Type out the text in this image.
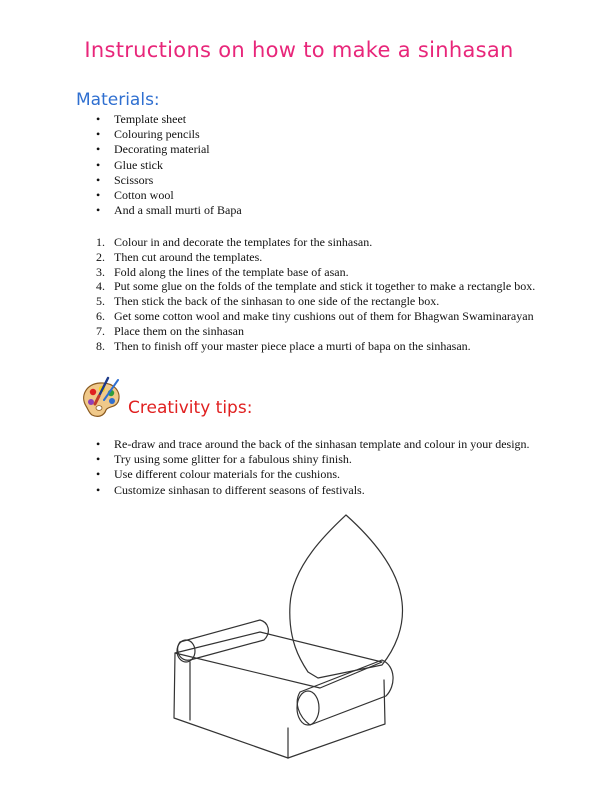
Instructions on how to make a sinhasan
Materials:
• Template sheet
• Colouring pencils
• Decorating material
• Glue stick
• Scissors
• Cotton wool
• And a small murti of Bapa
1. Colour in and decorate the templates for the sinhasan.
2. Then cut around the templates.
3. Fold along the lines of the template base of asan.
4. Put some glue on the folds of the template and stick it together to make a rectangle box.
5. Then stick the back of the sinhasan to one side of the rectangle box.
6. Get some cotton wool and make tiny cushions out of them for Bhagwan Swaminarayan
7. Place them on the sinhasan
8. Then to finish off your master piece place a murti of bapa on the sinhasan.
Creativity tips:
• Re-draw and trace around the back of the sinhasan template and colour in your design.
• Try using some glitter for a fabulous shiny finish.
• Use different colour materials for the cushions.
• Customize sinhasan to different seasons of festivals.
